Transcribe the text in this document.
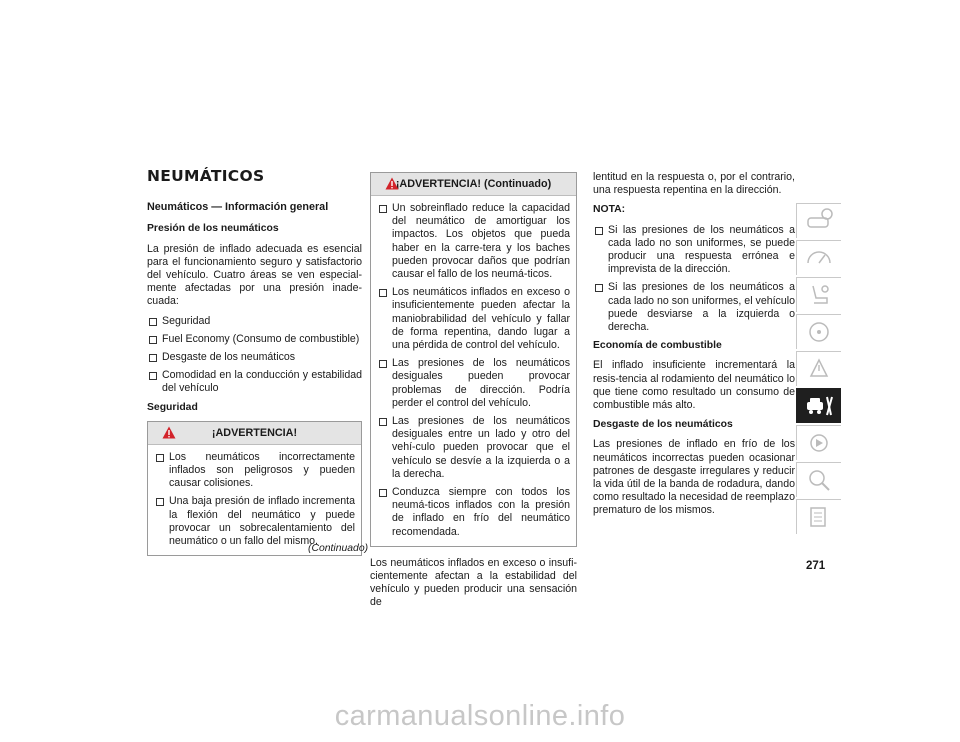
NEUMÁTICOS
Neumáticos — Información general
Presión de los neumáticos

La presión de inflado adecuada es esencial para el funcionamiento seguro y satisfactorio del vehículo. Cuatro áreas se ven especial-mente afectadas por una presión inade-cuada:

Seguridad
Fuel Economy (Consumo de combustible)
Desgaste de los neumáticos
Comodidad en la conducción y estabilidad del vehículo
Seguridad
¡ADVERTENCIA!
Los neumáticos incorrectamente inflados son peligrosos y pueden causar colisiones.
Una baja presión de inflado incrementa la flexión del neumático y puede provocar un sobrecalentamiento del neumático o un fallo del mismo.
(Continuado)
¡ADVERTENCIA! (Continuado)
Un sobreinflado reduce la capacidad del neumático de amortiguar los impactos. Los objetos que pueda haber en la carre-tera y los baches pueden provocar daños que podrían causar el fallo de los neumá-ticos.
Los neumáticos inflados en exceso o insuficientemente pueden afectar la maniobrabilidad del vehículo y fallar de forma repentina, dando lugar a una pérdida de control del vehículo.
Las presiones de los neumáticos desiguales pueden provocar problemas de dirección. Podría perder el control del vehículo.
Las presiones de los neumáticos desiguales entre un lado y otro del vehí-culo pueden provocar que el vehículo se desvíe a la izquierda o a la derecha.
Conduzca siempre con todos los neumá-ticos inflados con la presión de inflado en frío del neumático recomendada.

Los neumáticos inflados en exceso o insufi-cientemente afectan a la estabilidad del vehículo y pueden producir una sensación de

lentitud en la respuesta o, por el contrario, una respuesta repentina en la dirección.

NOTA:
Si las presiones de los neumáticos a cada lado no son uniformes, se puede producir una respuesta errónea e imprevista de la dirección.
Si las presiones de los neumáticos a cada lado no son uniformes, el vehículo puede desviarse a la izquierda o derecha.
Economía de combustible

El inflado insuficiente incrementará la resis-tencia al rodamiento del neumático lo que tiene como resultado un consumo de combustible más alto.

Desgaste de los neumáticos

Las presiones de inflado en frío de los neumáticos incorrectas pueden ocasionar patrones de desgaste irregulares y reducir la vida útil de la banda de rodadura, dando como resultado la necesidad de reemplazo prematuro de los mismos.

271
carmanualsonline.info
